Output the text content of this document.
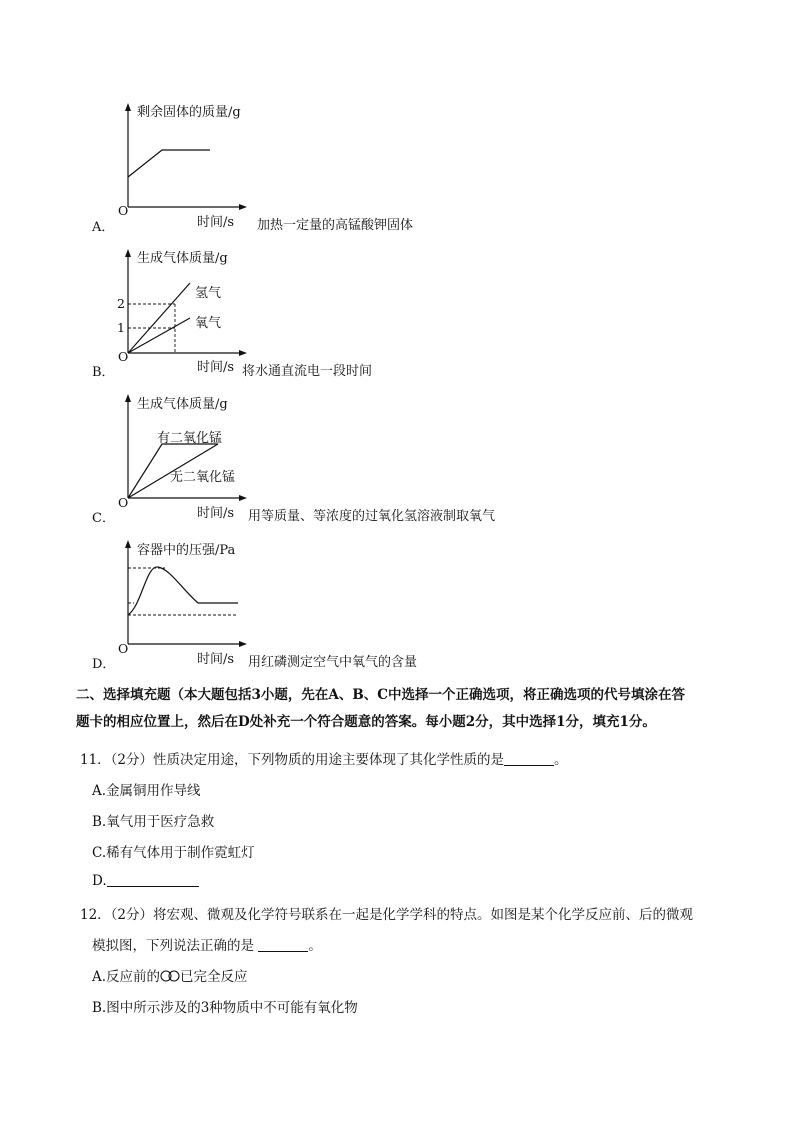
剩余固体的质量/g
O
时间/s
A．	加热一定量的高锰酸钾固体
生成气体质量/g
2
1
氢气
氧气
O
时间/s
B．	将水通直流电一段时间
生成气体质量/g
有二氧化锰
无二氧化锰
O
时间/s
C．	用等质量、等浓度的过氧化氢溶液制取氧气
容器中的压强/Pa
O
时间/s
D．	用红磷测定空气中氧气的含量
二、选择填充题（本大题包括3小题，先在A、B、C中选择一个正确选项，将正确选项的代号填涂在答
题卡的相应位置上，然后在D处补充一个符合题意的答案。每小题2分，其中选择1分，填充1分。
11．（2分）性质决定用途，下列物质的用途主要体现了其化学性质的是	。
A.金属铜用作导线
B.氧气用于医疗急救
C.稀有气体用于制作霓虹灯
D.
12．（2分）将宏观、微观及化学符号联系在一起是化学学科的特点。如图是某个化学反应前、后的微观
模拟图，下列说法正确的是	。
A.反应前的 已完全反应
B.图中所示涉及的3种物质中不可能有氧化物
